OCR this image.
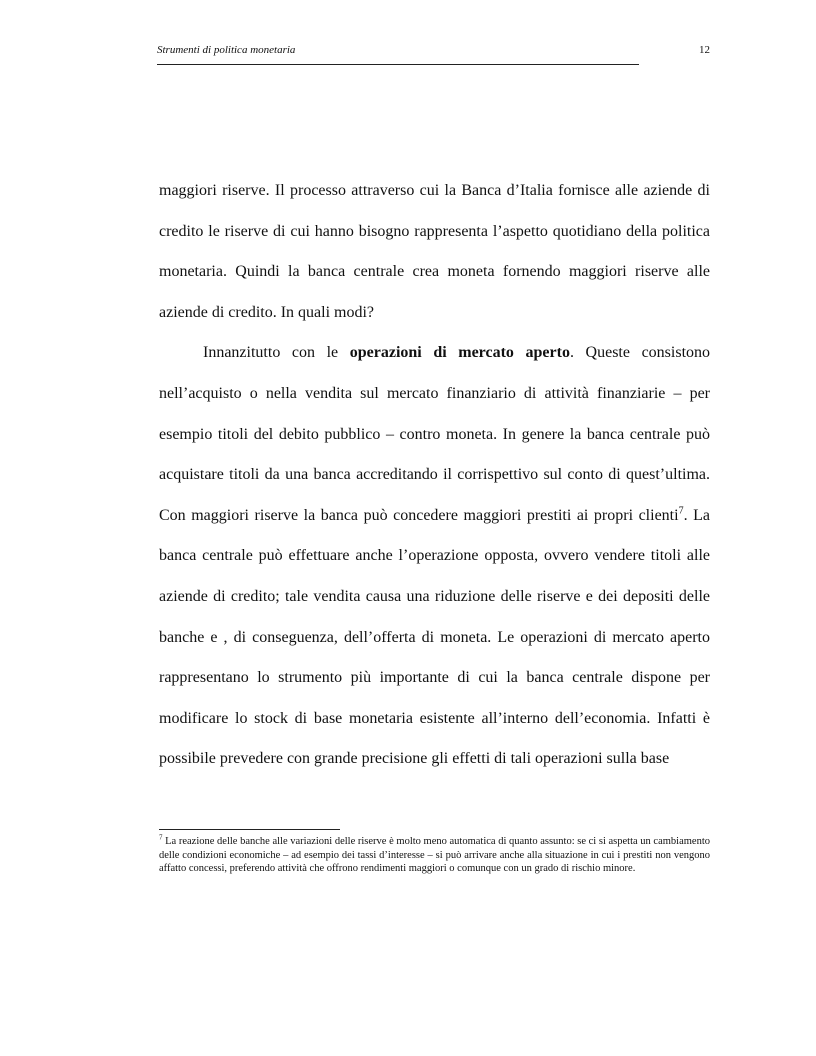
Strumenti di politica monetaria	12

maggiori riserve. Il processo attraverso cui la Banca d’Italia fornisce alle aziende di credito le riserve di cui hanno bisogno rappresenta l’aspetto quotidiano della politica monetaria. Quindi la banca centrale crea moneta fornendo maggiori riserve alle aziende di credito. In quali modi?

Innanzitutto con le operazioni di mercato aperto. Queste consistono nell’acquisto o nella vendita sul mercato finanziario di attività finanziarie – per esempio titoli del debito pubblico – contro moneta. In genere la banca centrale può acquistare titoli da una banca accreditando il corrispettivo sul conto di quest’ultima. Con maggiori riserve la banca può concedere maggiori prestiti ai propri clienti$^7$. La banca centrale può effettuare anche l’operazione opposta, ovvero vendere titoli alle aziende di credito; tale vendita causa una riduzione delle riserve e dei depositi delle banche e , di conseguenza, dell’offerta di moneta. Le operazioni di mercato aperto rappresentano lo strumento più importante di cui la banca centrale dispone per modificare lo stock di base monetaria esistente all’interno dell’economia. Infatti è possibile prevedere con grande precisione gli effetti di tali operazioni sulla base

$^7$ La reazione delle banche alle variazioni delle riserve è molto meno automatica di quanto assunto: se ci si aspetta un cambiamento delle condizioni economiche – ad esempio dei tassi d’interesse – si può arrivare anche alla situazione in cui i prestiti non vengono affatto concessi, preferendo attività che offrono rendimenti maggiori o comunque con un grado di rischio minore.
